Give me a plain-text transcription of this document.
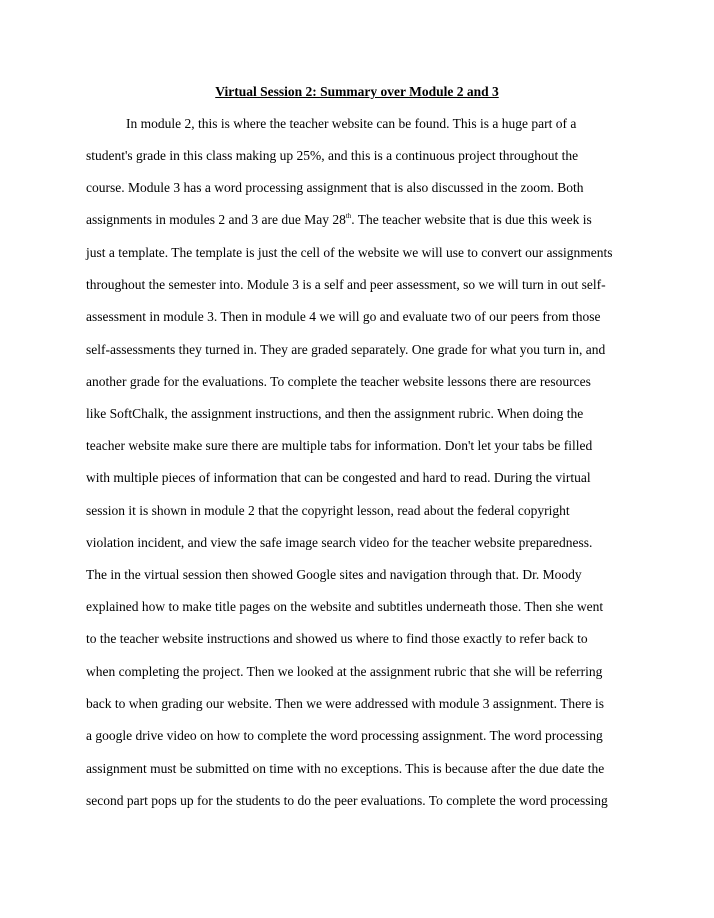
Virtual Session 2: Summary over Module 2 and 3
In module 2, this is where the teacher website can be found. This is a huge part of a
student's grade in this class making up 25%, and this is a continuous project throughout the
course. Module 3 has a word processing assignment that is also discussed in the zoom. Both
assignments in modules 2 and 3 are due May 28th. The teacher website that is due this week is
just a template. The template is just the cell of the website we will use to convert our assignments
throughout the semester into. Module 3 is a self and peer assessment, so we will turn in out self-
assessment in module 3. Then in module 4 we will go and evaluate two of our peers from those
self-assessments they turned in. They are graded separately. One grade for what you turn in, and
another grade for the evaluations. To complete the teacher website lessons there are resources
like SoftChalk, the assignment instructions, and then the assignment rubric. When doing the
teacher website make sure there are multiple tabs for information. Don't let your tabs be filled
with multiple pieces of information that can be congested and hard to read. During the virtual
session it is shown in module 2 that the copyright lesson, read about the federal copyright
violation incident, and view the safe image search video for the teacher website preparedness.
The in the virtual session then showed Google sites and navigation through that. Dr. Moody
explained how to make title pages on the website and subtitles underneath those. Then she went
to the teacher website instructions and showed us where to find those exactly to refer back to
when completing the project. Then we looked at the assignment rubric that she will be referring
back to when grading our website. Then we were addressed with module 3 assignment. There is
a google drive video on how to complete the word processing assignment. The word processing
assignment must be submitted on time with no exceptions. This is because after the due date the
second part pops up for the students to do the peer evaluations. To complete the word processing
